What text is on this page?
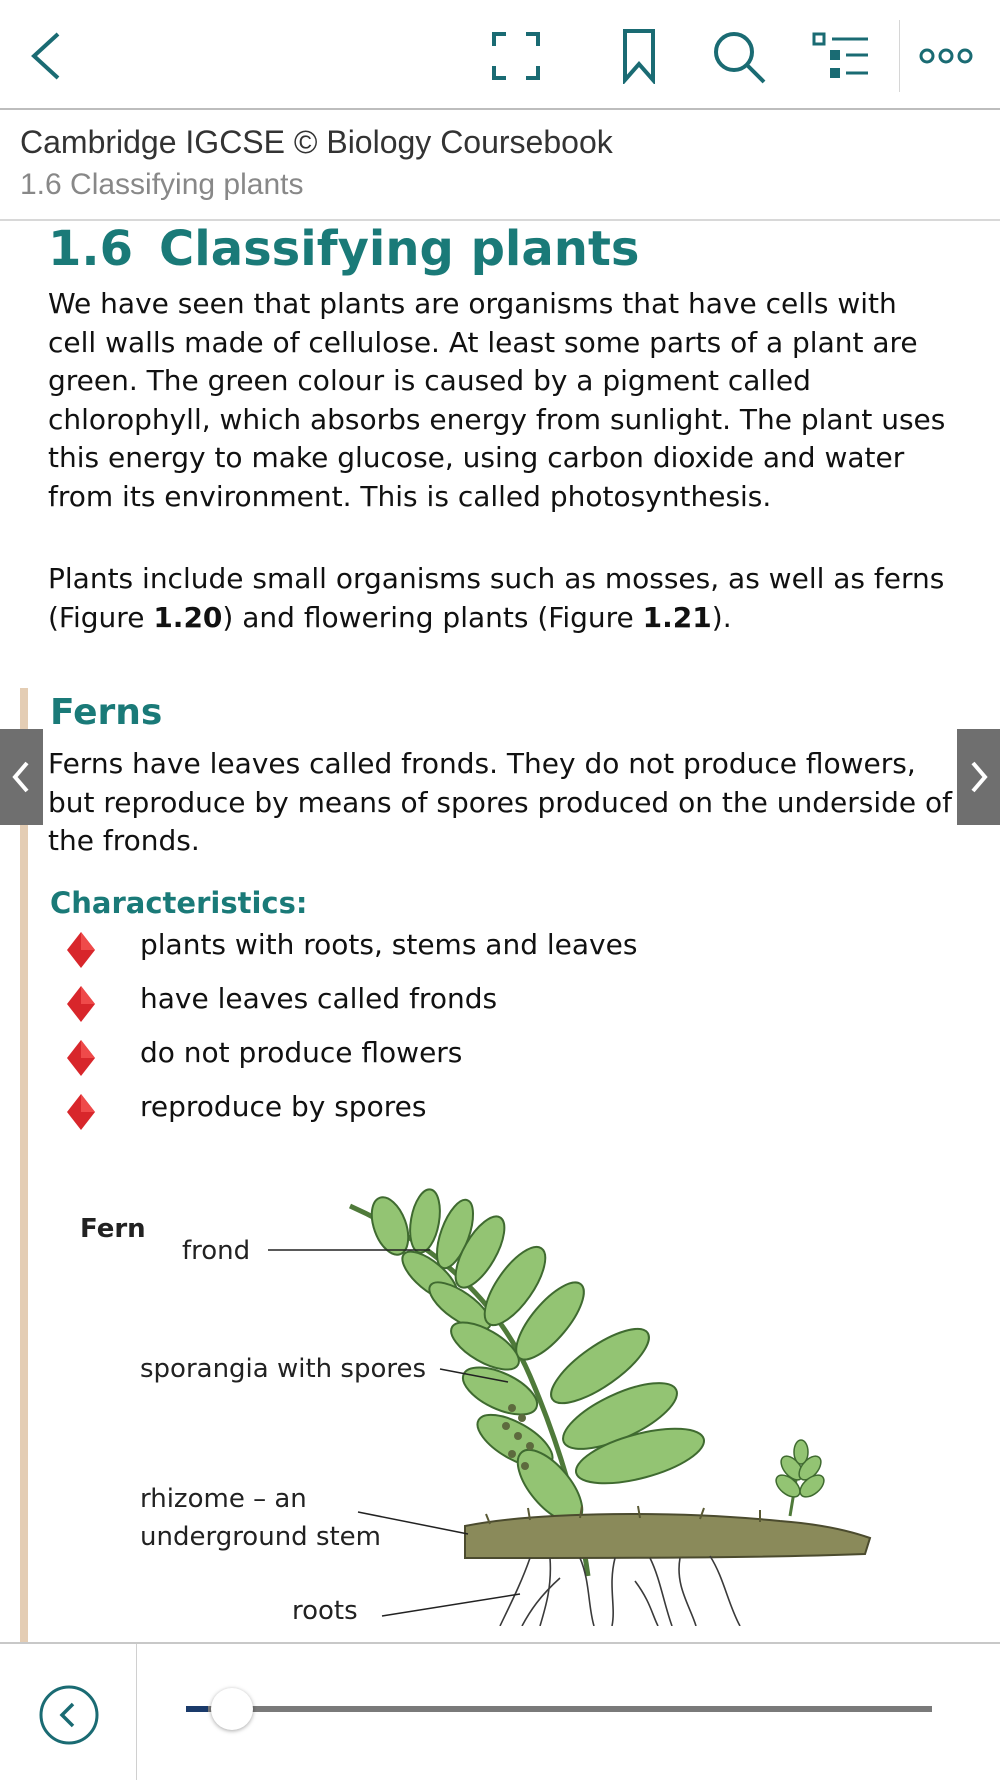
Cambridge IGCSE © Biology Coursebook
1.6 Classifying plants
1.6 Classifying plants

We have seen that plants are organisms that have cells with cell walls made of cellulose. At least some parts of a plant are green. The green colour is caused by a pigment called chlorophyll, which absorbs energy from sunlight. The plant uses this energy to make glucose, using carbon dioxide and water from its environment. This is called photosynthesis.

Plants include small organisms such as mosses, as well as ferns (Figure 1.20) and flowering plants (Figure 1.21).

Ferns

Ferns have leaves called fronds. They do not produce flowers, but reproduce by means of spores produced on the underside of the fronds.

Characteristics:
plants with roots, stems and leaves
have leaves called fronds
do not produce flowers
reproduce by spores
Fern
frond
sporangia with spores
rhizome – an
underground stem
roots
